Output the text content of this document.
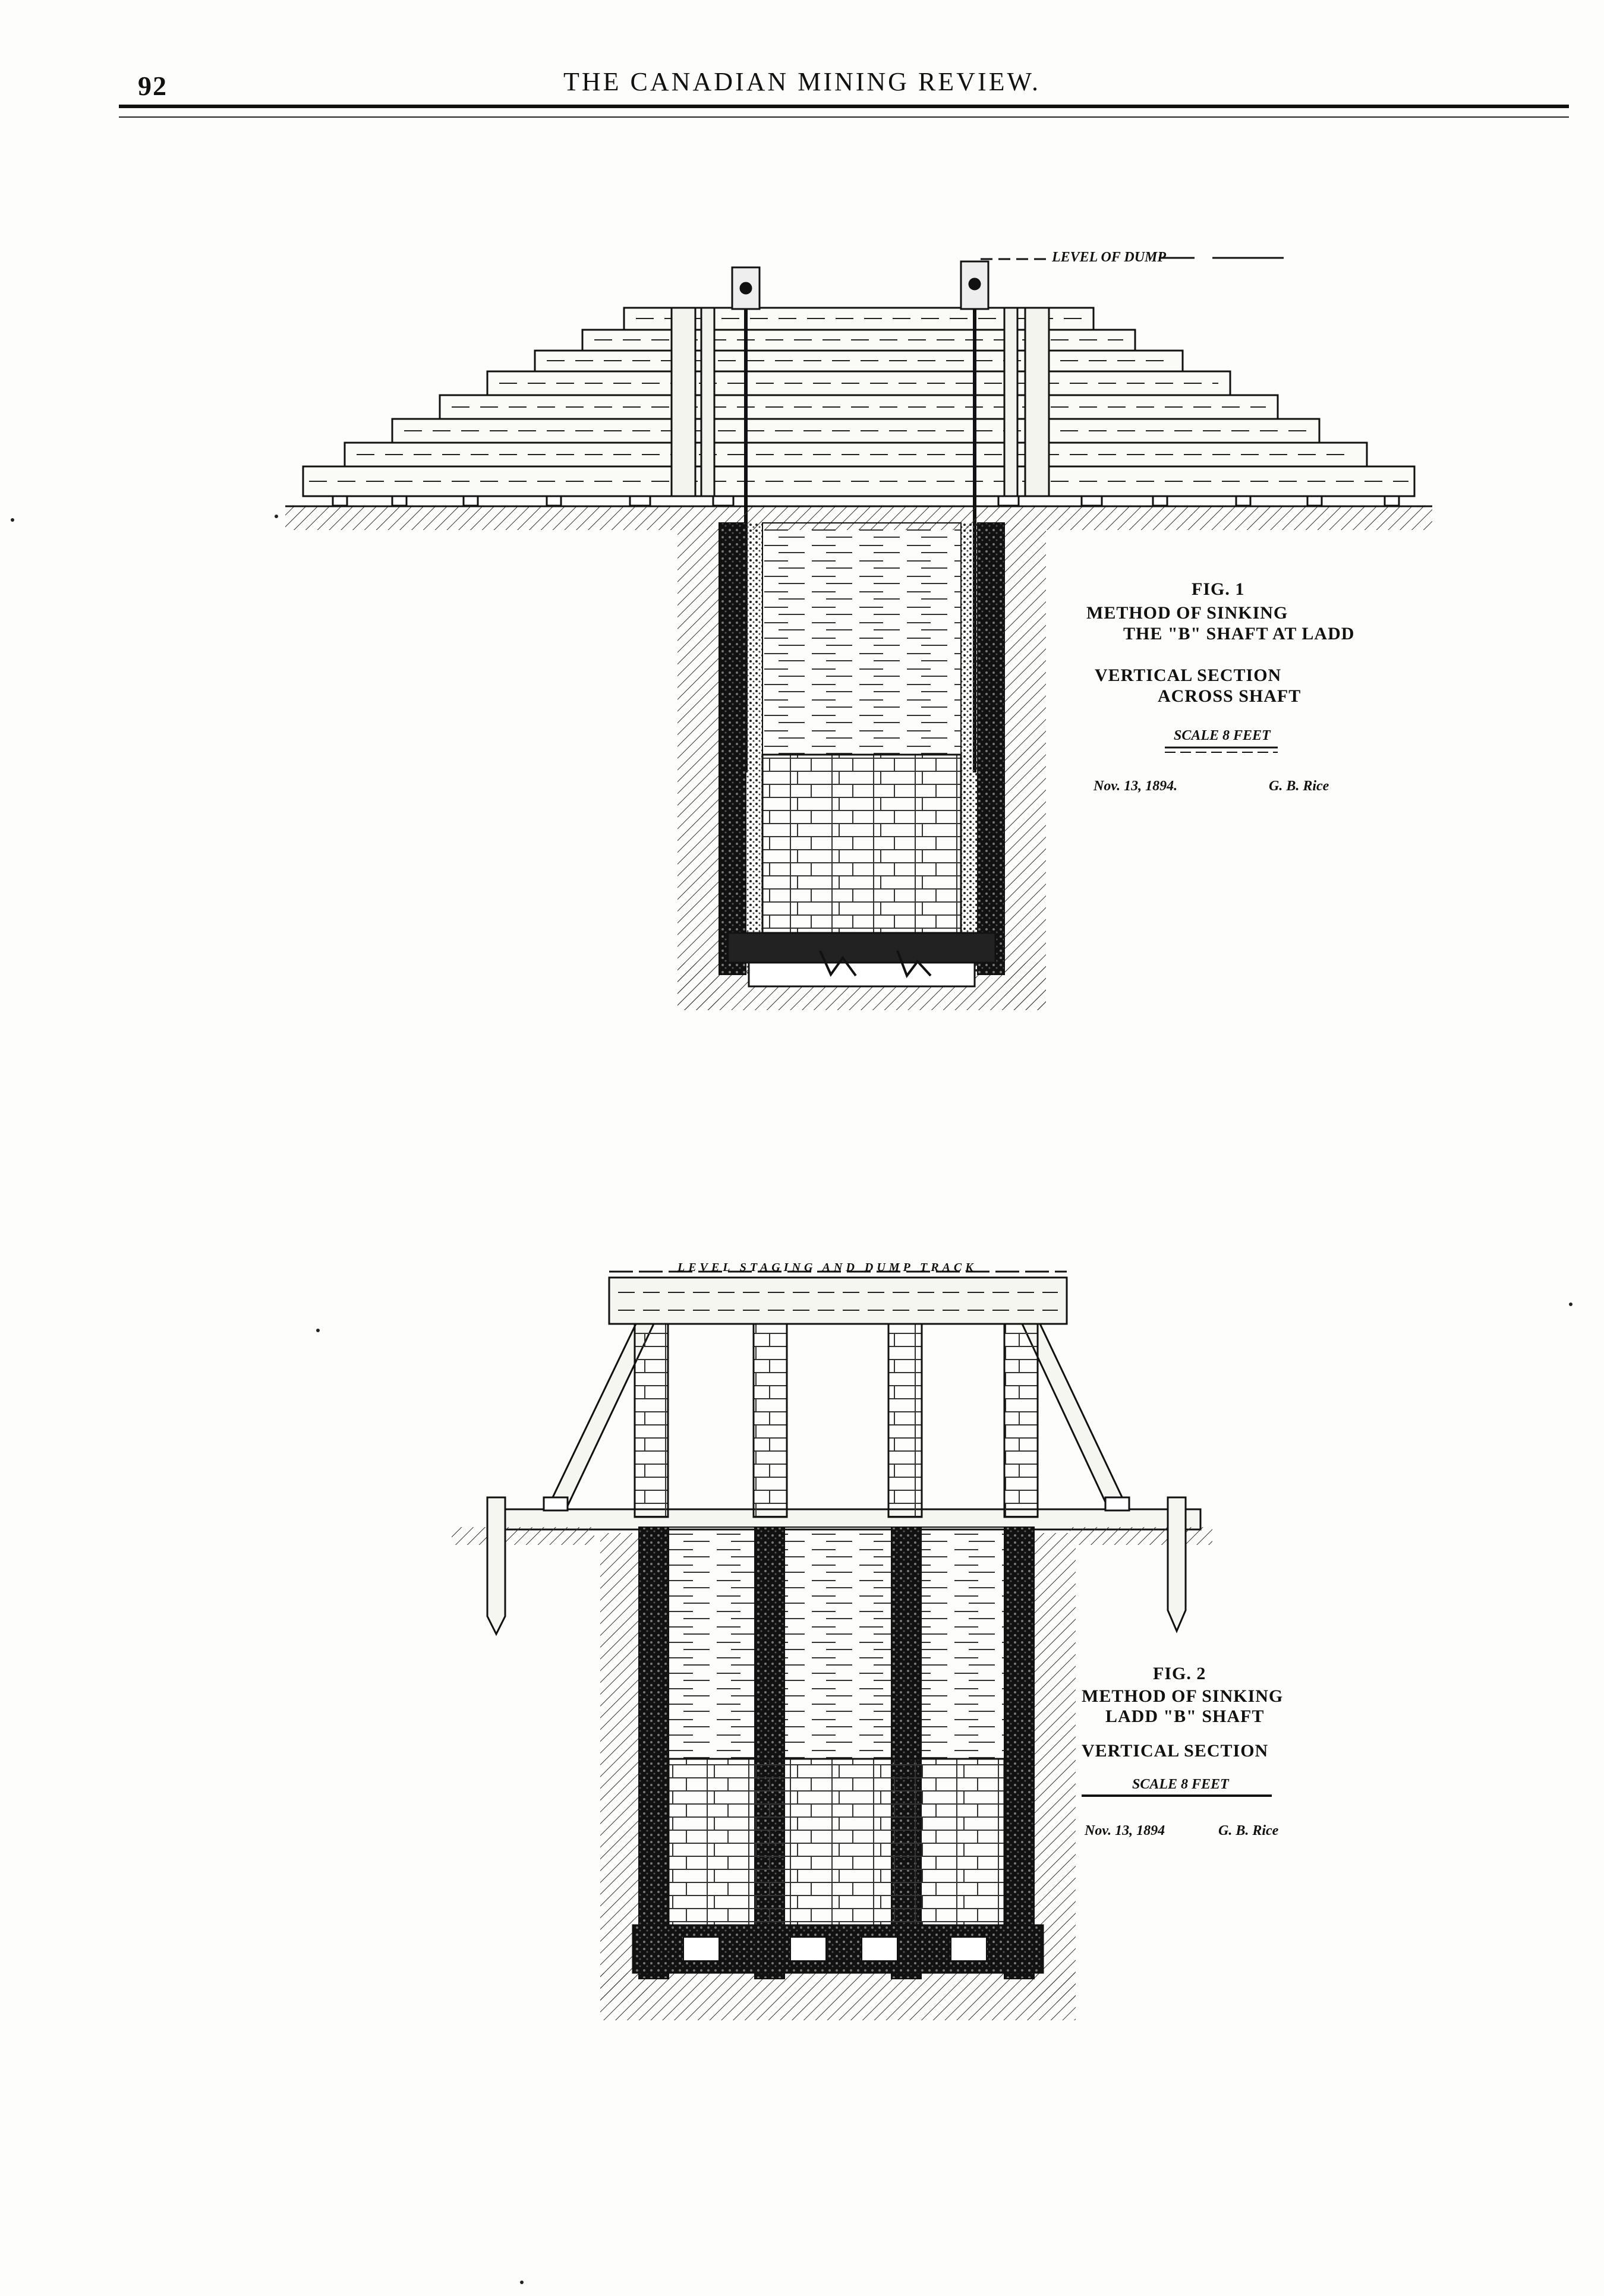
92	THE CANADIAN MINING REVIEW.
LEVEL OF DUMP
FIG. 1
METHOD OF SINKING
THE "B" SHAFT AT LADD
VERTICAL SECTION
ACROSS SHAFT
SCALE 8 FEET
Nov. 13, 1894.	G. B. Rice
LEVEL STAGING AND DUMP TRACK
FIG. 2
METHOD OF SINKING
LADD "B" SHAFT
VERTICAL SECTION
SCALE 8 FEET
Nov. 13, 1894	G. B. Rice
